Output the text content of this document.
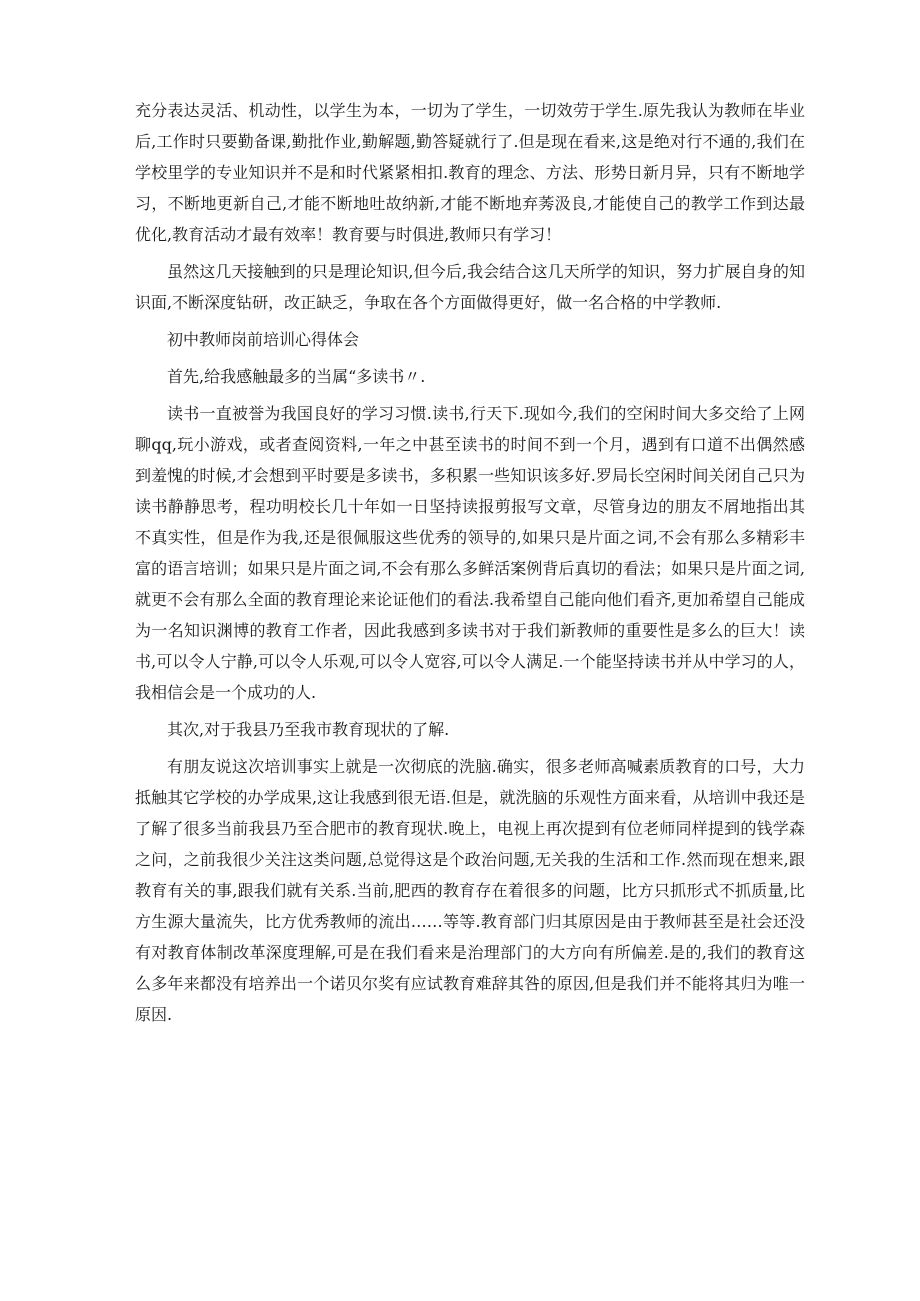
充分表达灵活、机动性，以学生为本，一切为了学生，一切效劳于学生.原先我认为教师在毕业后,工作时只要勤备课,勤批作业,勤解题,勤答疑就行了.但是现在看来,这是绝对行不通的,我们在学校里学的专业知识并不是和时代紧紧相扣.教育的理念、方法、形势日新月异，只有不断地学习，不断地更新自己,才能不断地吐故纳新,才能不断地弃莠汲良,才能使自己的教学工作到达最优化,教育活动才最有效率！教育要与时俱进,教师只有学习！

虽然这几天接触到的只是理论知识,但今后,我会结合这几天所学的知识，努力扩展自身的知识面,不断深度钻研，改正缺乏，争取在各个方面做得更好，做一名合格的中学教师.

初中教师岗前培训心得体会

首先,给我感触最多的当属“多读书〃.

读书一直被誉为我国良好的学习习惯.读书,行天下.现如今,我们的空闲时间大多交给了上网聊qq,玩小游戏，或者查阅资料,一年之中甚至读书的时间不到一个月，遇到有口道不出偶然感到羞愧的时候,才会想到平时要是多读书，多积累一些知识该多好.罗局长空闲时间关闭自己只为读书静静思考，程功明校长几十年如一日坚持读报剪报写文章，尽管身边的朋友不屑地指出其不真实性，但是作为我,还是很佩服这些优秀的领导的,如果只是片面之词,不会有那么多精彩丰富的语言培训；如果只是片面之词,不会有那么多鲜活案例背后真切的看法；如果只是片面之词,就更不会有那么全面的教育理论来论证他们的看法.我希望自己能向他们看齐,更加希望自己能成为一名知识渊博的教育工作者，因此我感到多读书对于我们新教师的重要性是多么的巨大！读书,可以令人宁静,可以令人乐观,可以令人宽容,可以令人满足.一个能坚持读书并从中学习的人，我相信会是一个成功的人.

其次,对于我县乃至我市教育现状的了解.

有朋友说这次培训事实上就是一次彻底的洗脑.确实，很多老师高喊素质教育的口号，大力抵触其它学校的办学成果,这让我感到很无语.但是，就洗脑的乐观性方面来看，从培训中我还是了解了很多当前我县乃至合肥市的教育现状.晚上，电视上再次提到有位老师同样提到的钱学森之问，之前我很少关注这类问题,总觉得这是个政治问题,无关我的生活和工作.然而现在想来,跟教育有关的事,跟我们就有关系.当前,肥西的教育存在着很多的问题，比方只抓形式不抓质量,比方生源大量流失，比方优秀教师的流出……等等.教育部门归其原因是由于教师甚至是社会还没有对教育体制改革深度理解,可是在我们看来是治理部门的大方向有所偏差.是的,我们的教育这么多年来都没有培养出一个诺贝尔奖有应试教育难辞其咎的原因,但是我们并不能将其归为唯一原因.
